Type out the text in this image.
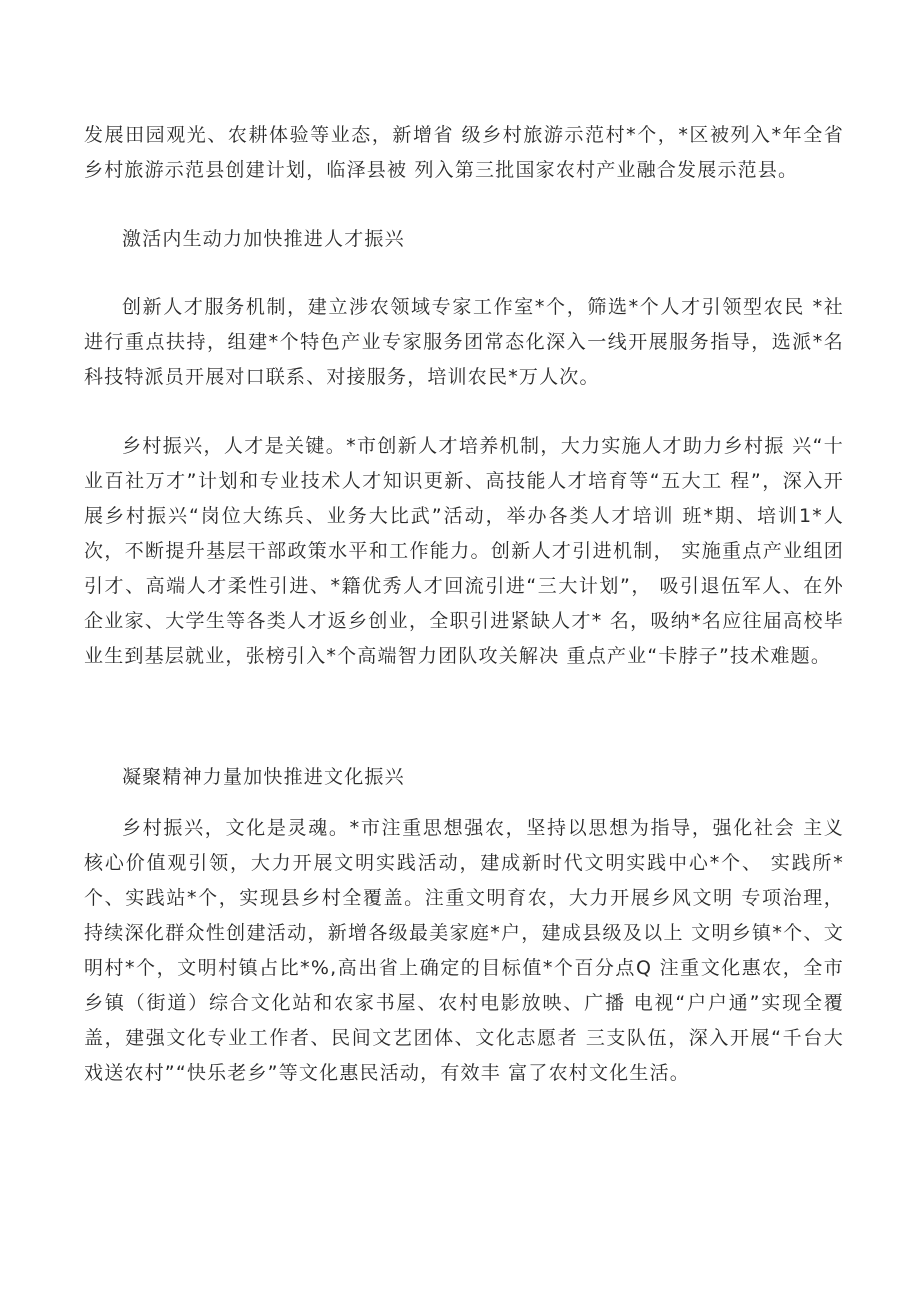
发展田园观光、农耕体验等业态，新增省 级乡村旅游示范村*个，*区被列入*年全省乡村旅游示范县创建计划，临泽县被 列入第三批国家农村产业融合发展示范县。

激活内生动力加快推进人才振兴

创新人才服务机制，建立涉农领域专家工作室*个，筛选*个人才引领型农民 *社进行重点扶持，组建*个特色产业专家服务团常态化深入一线开展服务指导，选派*名科技特派员开展对口联系、对接服务，培训农民*万人次。

乡村振兴，人才是关键。*市创新人才培养机制，大力实施人才助力乡村振 兴“十业百社万才”计划和专业技术人才知识更新、高技能人才培育等“五大工 程”，深入开展乡村振兴“岗位大练兵、业务大比武”活动，举办各类人才培训 班*期、培训1*人次，不断提升基层干部政策水平和工作能力。创新人才引进机制， 实施重点产业组团引才、高端人才柔性引进、*籍优秀人才回流引进“三大计划”， 吸引退伍军人、在外企业家、大学生等各类人才返乡创业，全职引进紧缺人才* 名，吸纳*名应往届高校毕业生到基层就业，张榜引入*个高端智力团队攻关解决 重点产业“卡脖子”技术难题。

凝聚精神力量加快推进文化振兴

乡村振兴，文化是灵魂。*市注重思想强农，坚持以思想为指导，强化社会 主义核心价值观引领，大力开展文明实践活动，建成新时代文明实践中心*个、 实践所*个、实践站*个，实现县乡村全覆盖。注重文明育农，大力开展乡风文明 专项治理，持续深化群众性创建活动，新增各级最美家庭*户，建成县级及以上 文明乡镇*个、文明村*个，文明村镇占比*%,高出省上确定的目标值*个百分点Q 注重文化惠农，全市乡镇（街道）综合文化站和农家书屋、农村电影放映、广播 电视“户户通”实现全覆盖，建强文化专业工作者、民间文艺团体、文化志愿者 三支队伍，深入开展“千台大戏送农村”“快乐老乡”等文化惠民活动，有效丰 富了农村文化生活。
